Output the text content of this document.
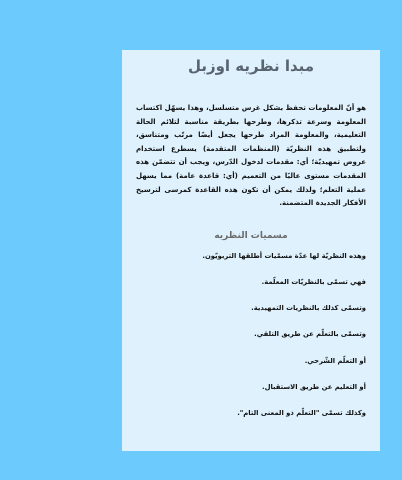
مبدا نظريه اوزبل

هو أنّ المعلومات تحفظ بشكل غرس متسلسل، وهذا يسهّل اكتساب المعلومة وسرعة تذكرها، وطرحها بطريقة مناسبة لتلائم الحالة التعليمية، والمعلومة المراد طرحها يجعل أيضًا مرتّب ومتناسق، ولتطبيق هذه النظريّة (المنظمات المتقدمة) يسطرع استخدام عروض تمهيديّة؛ أي: مقدمات لدخول الدّرس، ويجب أن تتضمّن هذه المقدمات مستوى عاليًا من التعميم (أي: قاعدة عامة) مما يسهل عملية التعلم؛ ولذلك يمكن أن تكون هذه القاعدة كمرسى لترسيخ الأفكار الجديدة المتضمنة.

مسميات النظريه
وهذه النظريّة لها عدّة مسمّيات أطلقها التربويّون.
فهي تسمّى بالنظريّات المعلّمة.
وتسمّى كذلك بالنظريات التمهيدية.
وتسمّى بالتعلّم عن طريق التلقي.
أو التعلّم الشّرحي.
أو التعليم عن طريق الاستقبال.
وكذلك تسمّى "التعلّم ذو المعنى التام".
